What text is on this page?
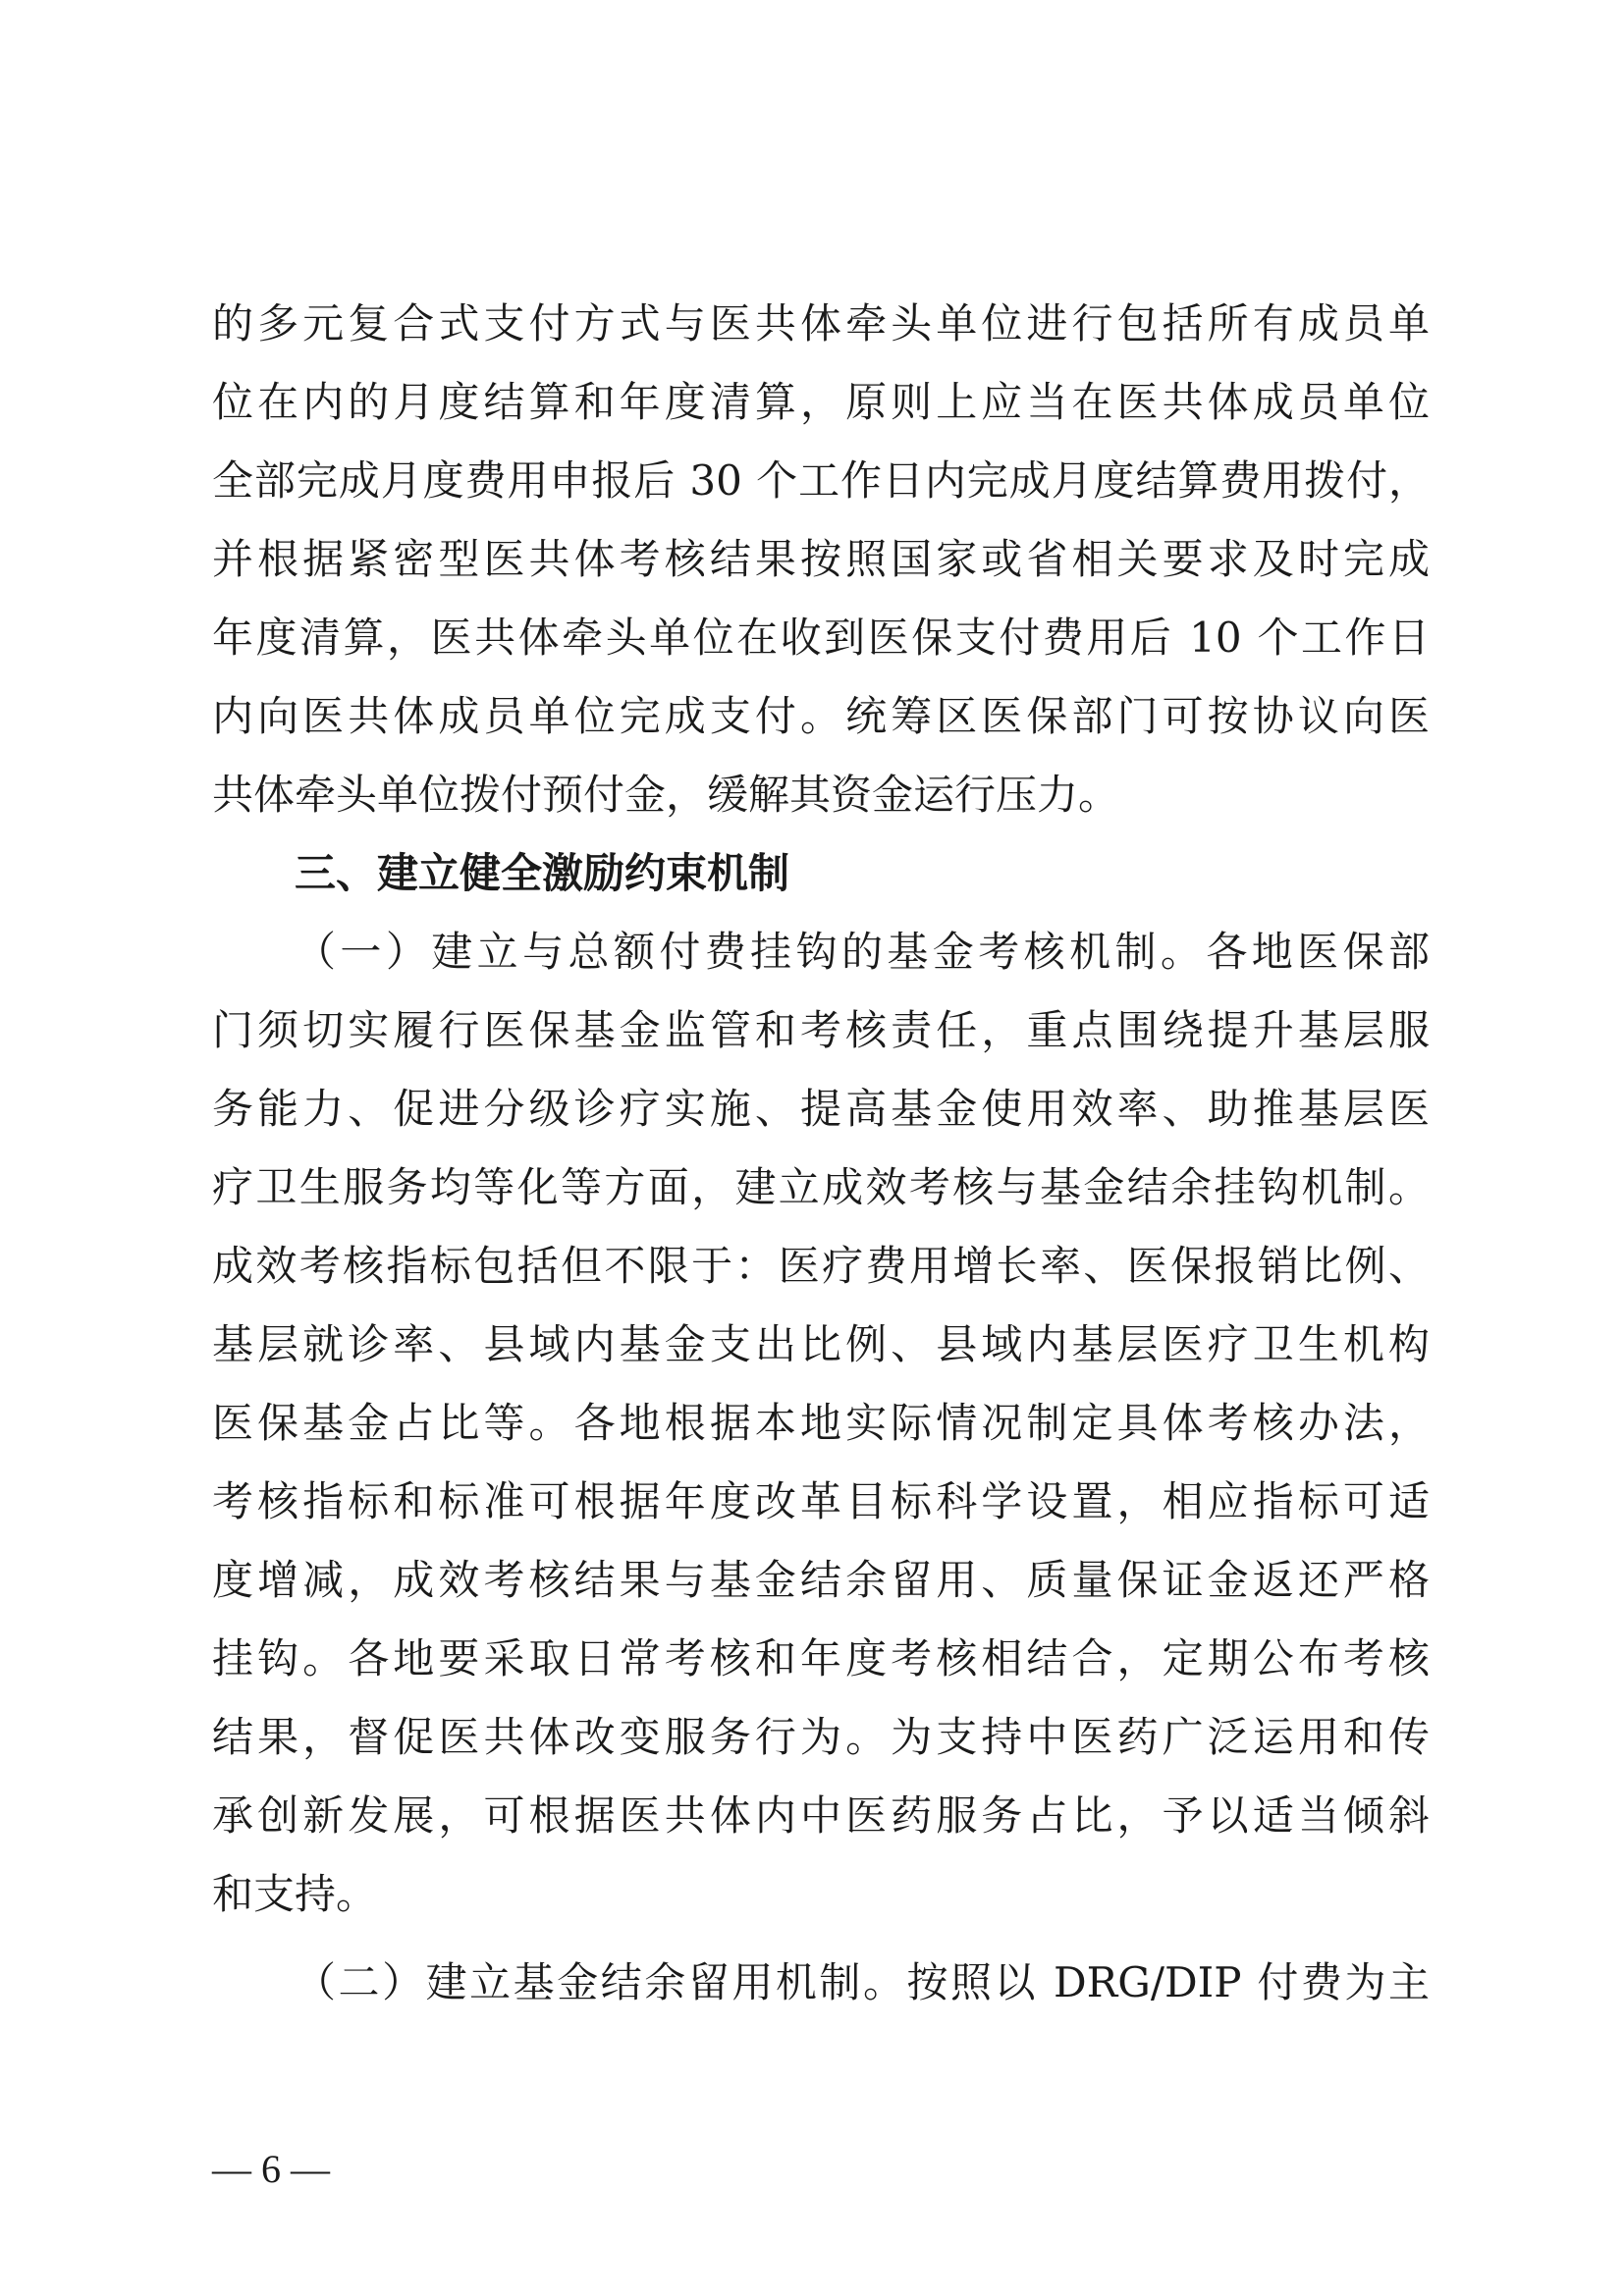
的多元复合式支付方式与医共体牵头单位进行包括所有成员单
位在内的月度结算和年度清算，原则上应当在医共体成员单位
全部完成月度费用申报后 30 个工作日内完成月度结算费用拨付，
并根据紧密型医共体考核结果按照国家或省相关要求及时完成
年度清算，医共体牵头单位在收到医保支付费用后 10 个工作日
内向医共体成员单位完成支付。统筹区医保部门可按协议向医
共体牵头单位拨付预付金，缓解其资金运行压力。
三、建立健全激励约束机制
（一）建立与总额付费挂钩的基金考核机制。各地医保部
门须切实履行医保基金监管和考核责任，重点围绕提升基层服
务能力、促进分级诊疗实施、提高基金使用效率、助推基层医
疗卫生服务均等化等方面，建立成效考核与基金结余挂钩机制。
成效考核指标包括但不限于：医疗费用增长率、医保报销比例、
基层就诊率、县域内基金支出比例、县域内基层医疗卫生机构
医保基金占比等。各地根据本地实际情况制定具体考核办法，
考核指标和标准可根据年度改革目标科学设置，相应指标可适
度增减，成效考核结果与基金结余留用、质量保证金返还严格
挂钩。各地要采取日常考核和年度考核相结合，定期公布考核
结果，督促医共体改变服务行为。为支持中医药广泛运用和传
承创新发展，可根据医共体内中医药服务占比，予以适当倾斜
和支持。
（二）建立基金结余留用机制。按照以 DRG/DIP 付费为主
— 6 —
